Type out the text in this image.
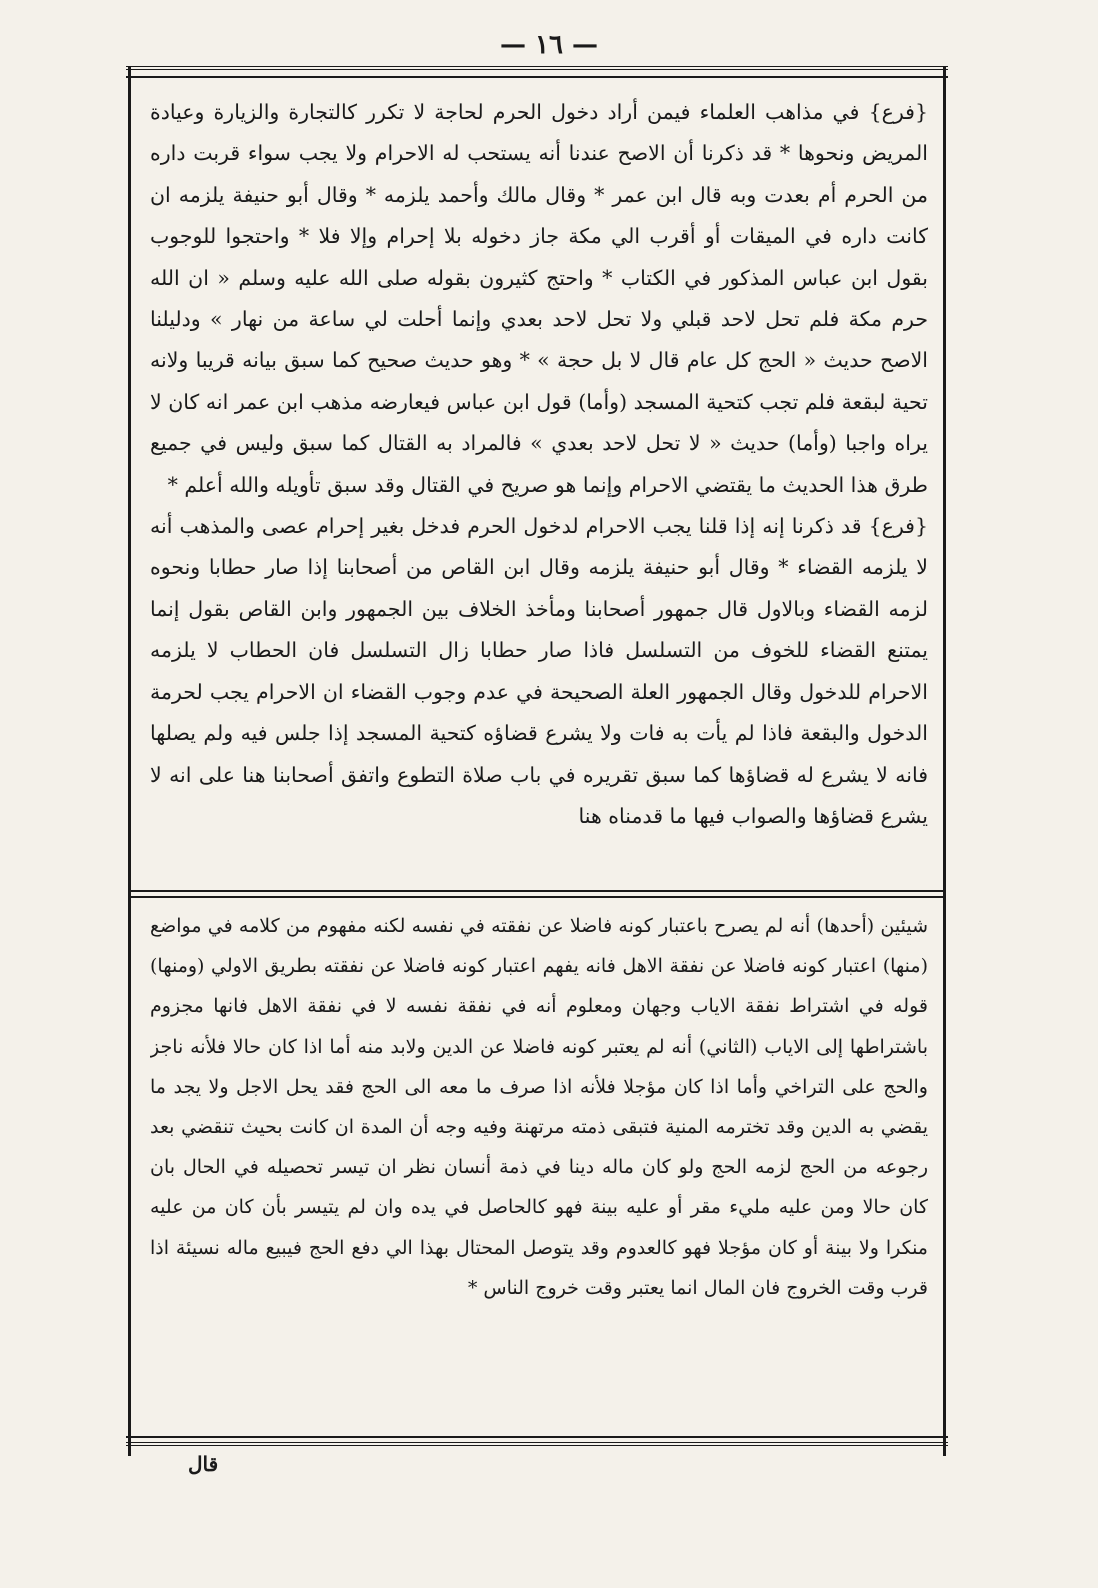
— ١٦ —

{فرع} في مذاهب العلماء فيمن أراد دخول الحرم لحاجة لا تكرر كالتجارة والزيارة وعيادة المريض ونحوها * قد ذكرنا أن الاصح عندنا أنه يستحب له الاحرام ولا يجب سواء قربت داره من الحرم أم بعدت وبه قال ابن عمر * وقال مالك وأحمد يلزمه * وقال أبو حنيفة يلزمه ان كانت داره في الميقات أو أقرب الي مكة جاز دخوله بلا إحرام وإلا فلا * واحتجوا للوجوب بقول ابن عباس المذكور في الكتاب * واحتج كثيرون بقوله صلى الله عليه وسلم « ان الله حرم مكة فلم تحل لاحد قبلي ولا تحل لاحد بعدي وإنما أحلت لي ساعة من نهار » ودليلنا الاصح حديث « الحج كل عام قال لا بل حجة » * وهو حديث صحيح كما سبق بيانه قريبا ولانه تحية لبقعة فلم تجب كتحية المسجد (وأما) قول ابن عباس فيعارضه مذهب ابن عمر انه كان لا يراه واجبا (وأما) حديث « لا تحل لاحد بعدي » فالمراد به القتال كما سبق وليس في جميع طرق هذا الحديث ما يقتضي الاحرام وإنما هو صريح في القتال وقد سبق تأويله والله أعلم *

{فرع} قد ذكرنا إنه إذا قلنا يجب الاحرام لدخول الحرم فدخل بغير إحرام عصى والمذهب أنه لا يلزمه القضاء * وقال أبو حنيفة يلزمه وقال ابن القاص من أصحابنا إذا صار حطابا ونحوه لزمه القضاء وبالاول قال جمهور أصحابنا ومأخذ الخلاف بين الجمهور وابن القاص بقول إنما يمتنع القضاء للخوف من التسلسل فاذا صار حطابا زال التسلسل فان الحطاب لا يلزمه الاحرام للدخول وقال الجمهور العلة الصحيحة في عدم وجوب القضاء ان الاحرام يجب لحرمة الدخول والبقعة فاذا لم يأت به فات ولا يشرع قضاؤه كتحية المسجد إذا جلس فيه ولم يصلها فانه لا يشرع له قضاؤها كما سبق تقريره في باب صلاة التطوع واتفق أصحابنا هنا على انه لا يشرع قضاؤها والصواب فيها ما قدمناه هنا

شيئين (أحدها) أنه لم يصرح باعتبار كونه فاضلا عن نفقته في نفسه لكنه مفهوم من كلامه في مواضع (منها) اعتبار كونه فاضلا عن نفقة الاهل فانه يفهم اعتبار كونه فاضلا عن نفقته بطريق الاولي (ومنها) قوله في اشتراط نفقة الاياب وجهان ومعلوم أنه في نفقة نفسه لا في نفقة الاهل فانها مجزوم باشتراطها إلى الاياب (الثاني) أنه لم يعتبر كونه فاضلا عن الدين ولابد منه أما اذا كان حالا فلأنه ناجز والحج على التراخي وأما اذا كان مؤجلا فلأنه اذا صرف ما معه الى الحج فقد يحل الاجل ولا يجد ما يقضي به الدين وقد تخترمه المنية فتبقى ذمته مرتهنة وفيه وجه أن المدة ان كانت بحيث تنقضي بعد رجوعه من الحج لزمه الحج ولو كان ماله دينا في ذمة أنسان نظر ان تيسر تحصيله في الحال بان كان حالا ومن عليه مليء مقر أو عليه بينة فهو كالحاصل في يده وان لم يتيسر بأن كان من عليه منكرا ولا بينة أو كان مؤجلا فهو كالعدوم وقد يتوصل المحتال بهذا الي دفع الحج فيبيع ماله نسيئة اذا قرب وقت الخروج فان المال انما يعتبر وقت خروج الناس *

قال
